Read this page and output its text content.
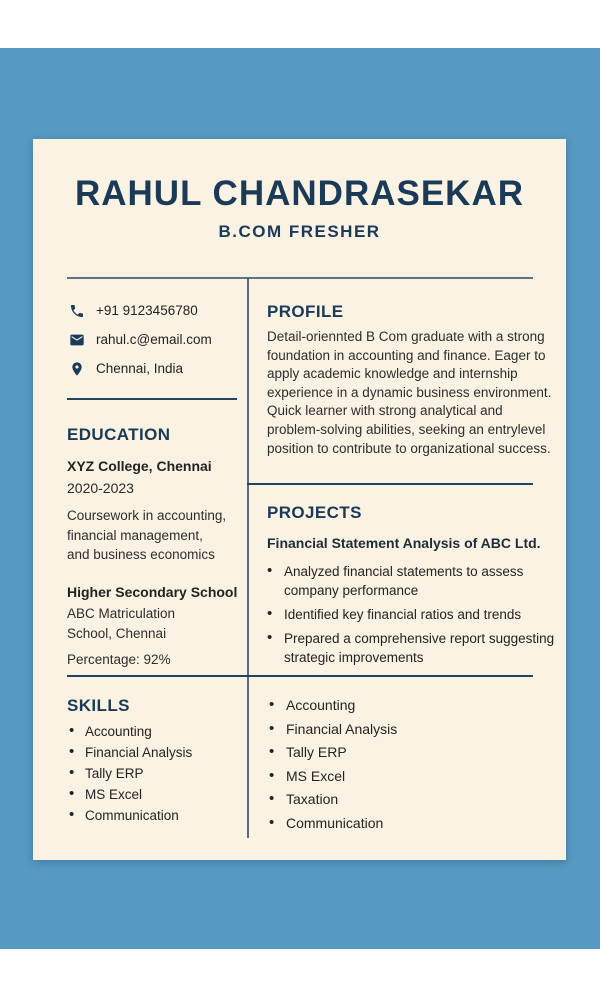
RAHUL CHANDRASEKAR
B.COM FRESHER
+91 9123456780
rahul.c@email.com
Chennai, India
EDUCATION

XYZ College, Chennai

2020-2023

Coursework in accounting, financial management, and business economics

Higher Secondary School

ABC Matriculation School, Chennai

Percentage: 92%

SKILLS
• Accounting
• Financial Analysis
• Tally ERP
• MS Excel
• Communication
PROFILE

Detail-oriennted B Com graduate with a strong foundation in accounting and finance. Eager to apply academic knowledge and internship experience in a dynamic business environment. Quick learner with strong analytical and problem-solving abilities, seeking an entrylevel position to contribute to organizational success.

PROJECTS

Financial Statement Analysis of ABC Ltd.

• Analyzed financial statements to assess company performance
• Identified key financial ratios and trends
• Prepared a comprehensive report suggesting strategic improvements
• Accounting
• Financial Analysis
• Tally ERP
• MS Excel
• Taxation
• Communication
